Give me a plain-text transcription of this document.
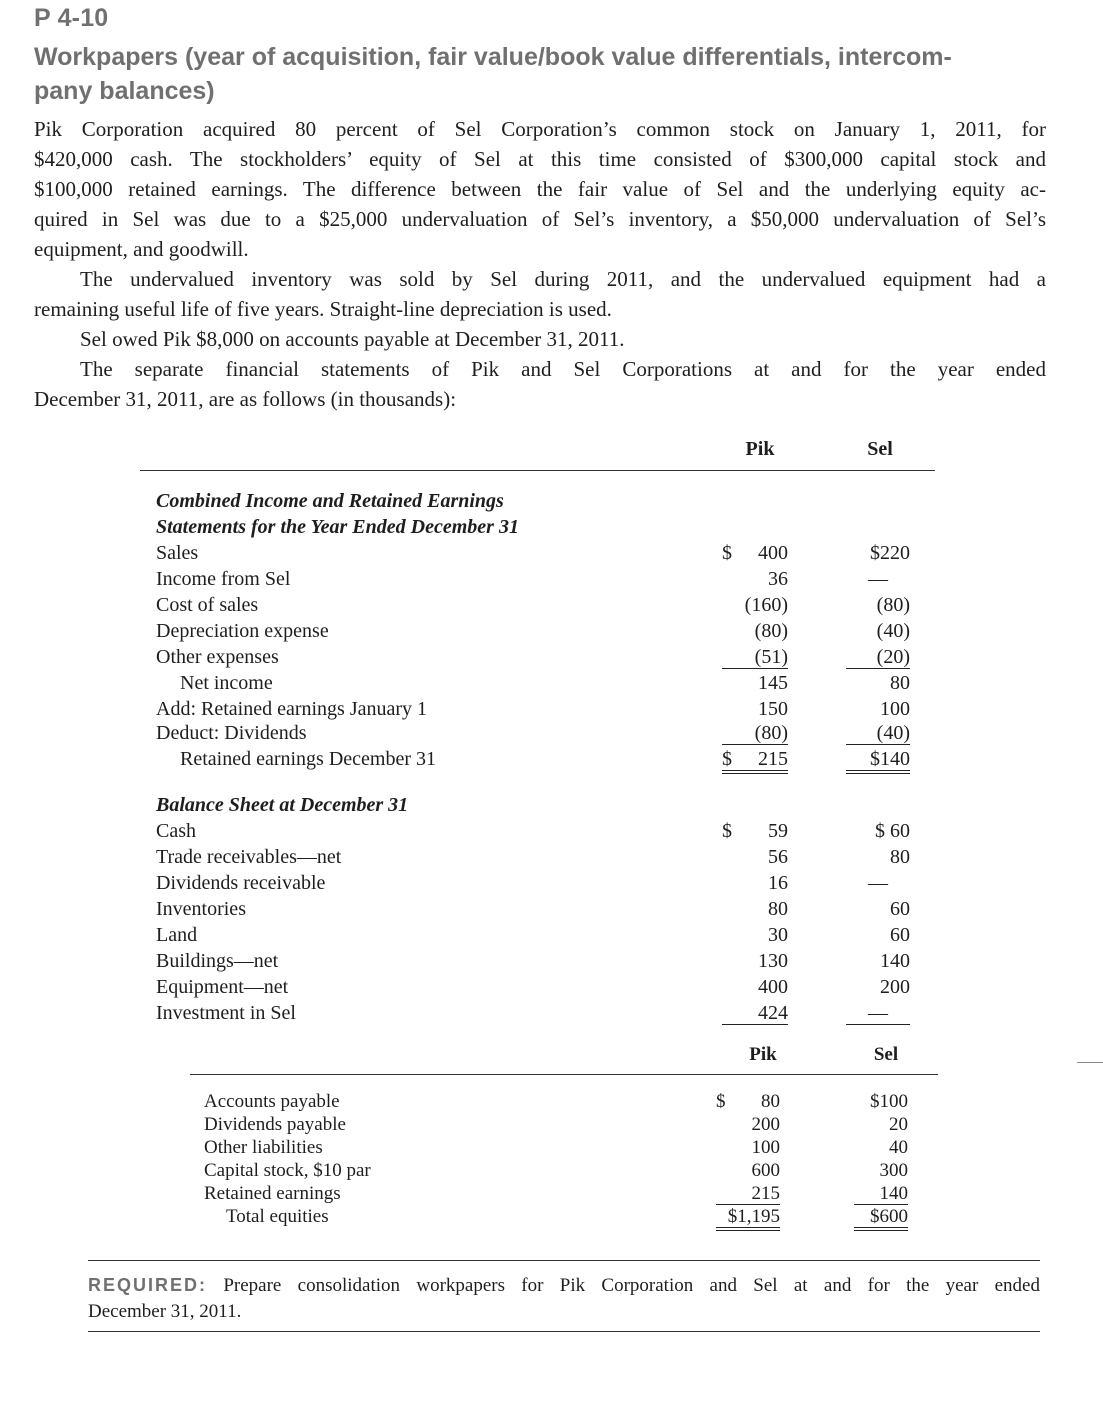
P 4-10
Workpapers (year of acquisition, fair value/book value differentials, intercom-
pany balances)
Pik Corporation acquired 80 percent of Sel Corporation’s common stock on January 1, 2011, for
$420,000 cash. The stockholders’ equity of Sel at this time consisted of $300,000 capital stock and
$100,000 retained earnings. The difference between the fair value of Sel and the underlying equity ac-
quired in Sel was due to a $25,000 undervaluation of Sel’s inventory, a $50,000 undervaluation of Sel’s
equipment, and goodwill.
The undervalued inventory was sold by Sel during 2011, and the undervalued equipment had a
remaining useful life of five years. Straight-line depreciation is used.
Sel owed Pik $8,000 on accounts payable at December 31, 2011.
The separate financial statements of Pik and Sel Corporations at and for the year ended
December 31, 2011, are as follows (in thousands):
Pik	Sel
Combined Income and Retained Earnings
Statements for the Year Ended December 31
Sales	$ 400	$220
Income from Sel	36	—
Cost of sales	(160)	(80)
Depreciation expense	(80)	(40)
Other expenses	(51)	(20)
Net income	145	80
Add: Retained earnings January 1	150	100
Deduct: Dividends	(80)	(40)
Retained earnings December 31	$ 215	$140
Balance Sheet at December 31
Cash	$ 59	$ 60
Trade receivables—net	56	80
Dividends receivable	16	—
Inventories	80	60
Land	30	60
Buildings—net	130	140
Equipment—net	400	200
Investment in Sel	424	—
Pik	Sel
Accounts payable	$ 80	$100
Dividends payable	200	20
Other liabilities	100	40
Capital stock, $10 par	600	300
Retained earnings	215	140
Total equities	$1,195	$600
REQUIRED: Prepare consolidation workpapers for Pik Corporation and Sel at and for the year ended
December 31, 2011.
